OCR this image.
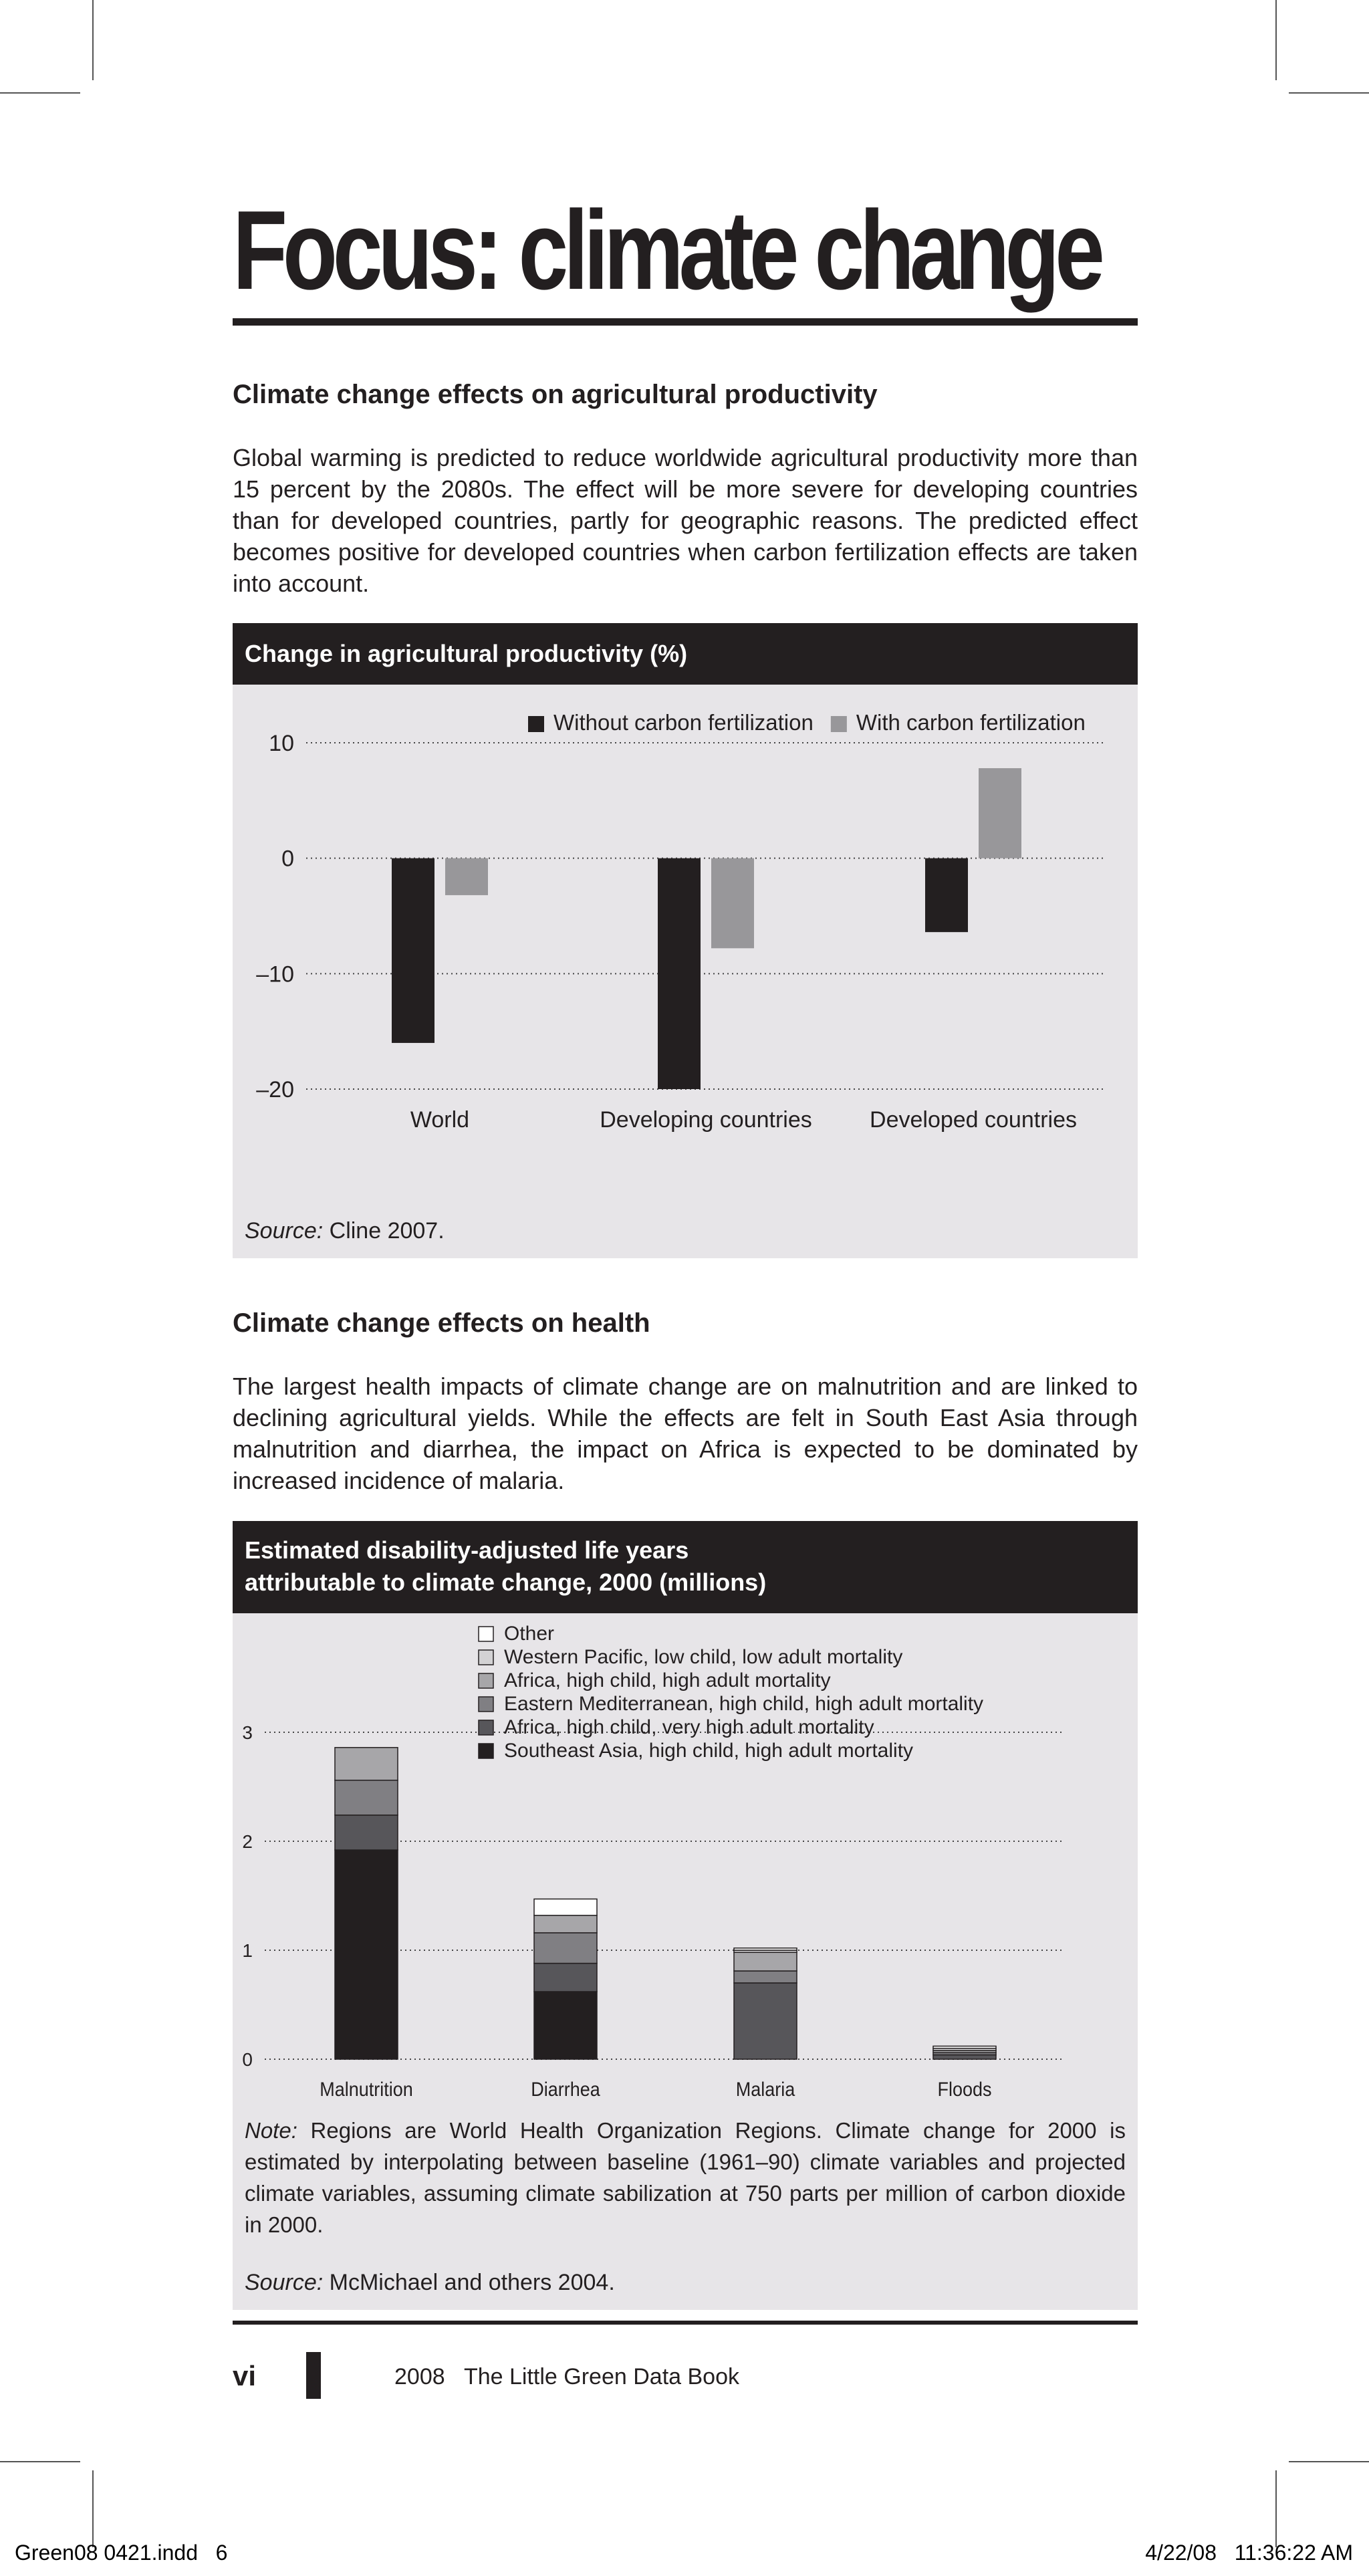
Focus: climate change
Climate change effects on agricultural productivity

Global warming is predicted to reduce worldwide agricultural productivity more than 15 percent by the 2080s. The effect will be more severe for developing countries than for developed countries, partly for geographic reasons. The predicted effect becomes positive for developed countries when carbon fertilization effects are taken into account.

Change in agricultural productivity (%)
Without carbon fertilization With carbon fertilization
10
0
–10
–20
World	Developing countries	Developed countries
Source: Cline 2007.
Climate change effects on health

The largest health impacts of climate change are on malnutrition and are linked to declining agricultural yields. While the effects are felt in South East Asia through malnutrition and diarrhea, the impact on Africa is expected to be dominated by increased incidence of malaria.

Estimated disability-adjusted life years
attributable to climate change, 2000 (millions)
0
1
2
3
Malnutrition	Diarrhea	Malaria	Floods
Other
Western Pacific, low child, low adult mortality
Africa, high child, high adult mortality
Eastern Mediterranean, high child, high adult mortality
Africa, high child, very high adult mortality
Southeast Asia, high child, high adult mortality

Note: Regions are World Health Organization Regions. Climate change for 2000 is estimated by interpolating between baseline (1961–90) climate variables and projected climate variables, assuming climate sabilization at 750 parts per million of carbon dioxide in 2000.

Source: McMichael and others 2004.
vi	2008 The Little Green Data Book
Green08 0421.indd   6	4/22/08   11:36:22 AM
